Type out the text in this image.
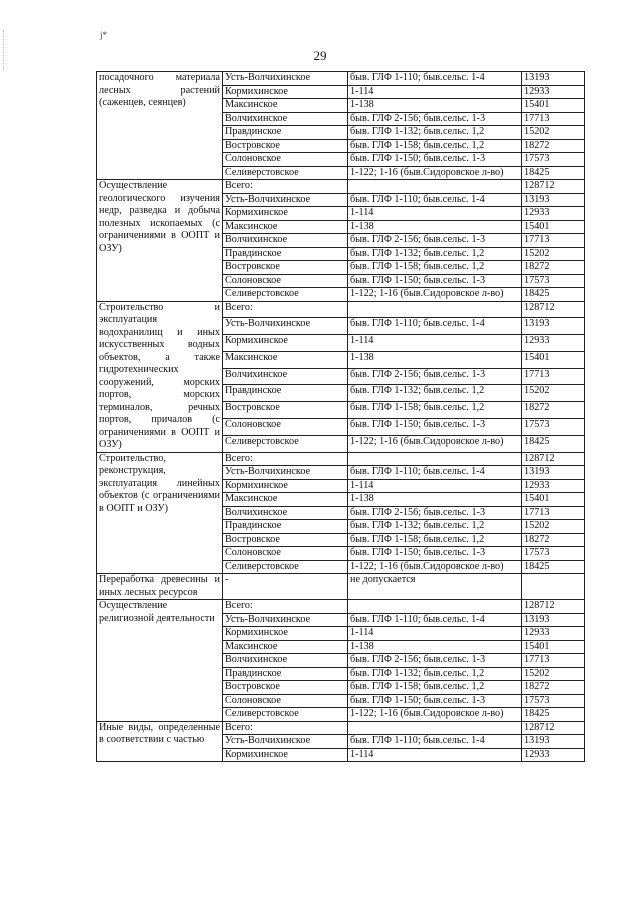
j*
29
посадочного материала лесных растений (саженцев, сеянцев)	Усть-Волчихинское	быв. ГЛФ 1-110; быв.сельс. 1-4	13193
	Кормихинское	1-114	12933
	Максинское	1-138	15401
	Волчихинское	быв. ГЛФ 2-156; быв.сельс. 1-3	17713
	Правдинское	быв. ГЛФ 1-132; быв.сельс. 1,2	15202
	Востровское	быв. ГЛФ 1-158; быв.сельс. 1,2	18272
	Солоновское	быв. ГЛФ 1-150; быв.сельс. 1-3	17573
	Селиверстовское	1-122; 1-16 (быв.Сидоровское л-во)	18425
Осуществление геологического изучения недр, разведка и добыча полезных ископаемых (с ограничениями в ООПТ и ОЗУ)	Всего:		128712
	Усть-Волчихинское	быв. ГЛФ 1-110; быв.сельс. 1-4	13193
	Кормихинское	1-114	12933
	Максинское	1-138	15401
	Волчихинское	быв. ГЛФ 2-156; быв.сельс. 1-3	17713
	Правдинское	быв. ГЛФ 1-132; быв.сельс. 1,2	15202
	Востровское	быв. ГЛФ 1-158; быв.сельс. 1,2	18272
	Солоновское	быв. ГЛФ 1-150; быв.сельс. 1-3	17573
	Селиверстовское	1-122; 1-16 (быв.Сидоровское л-во)	18425
Строительство и эксплуатация водохранилищ и иных искусственных водных объектов, а также гидротехнических сооружений, морских портов, морских терминалов, речных портов, причалов (с ограничениями в ООПТ и ОЗУ)	Всего:		128712
	Усть-Волчихинское	быв. ГЛФ 1-110; быв.сельс. 1-4	13193
	Кормихинское	1-114	12933
	Максинское	1-138	15401
	Волчихинское	быв. ГЛФ 2-156; быв.сельс. 1-3	17713
	Правдинское	быв. ГЛФ 1-132; быв.сельс. 1,2	15202
	Востровское	быв. ГЛФ 1-158; быв.сельс. 1,2	18272
	Солоновское	быв. ГЛФ 1-150; быв.сельс. 1-3	17573
	Селиверстовское	1-122; 1-16 (быв.Сидоровское л-во)	18425
Строительство, реконструкция, эксплуатация линейных объектов (с ограничениями в ООПТ и ОЗУ)	Всего:		128712
	Усть-Волчихинское	быв. ГЛФ 1-110; быв.сельс. 1-4	13193
	Кормихинское	1-114	12933
	Максинское	1-138	15401
	Волчихинское	быв. ГЛФ 2-156; быв.сельс. 1-3	17713
	Правдинское	быв. ГЛФ 1-132; быв.сельс. 1,2	15202
	Востровское	быв. ГЛФ 1-158; быв.сельс. 1,2	18272
	Солоновское	быв. ГЛФ 1-150; быв.сельс. 1-3	17573
	Селиверстовское	1-122; 1-16 (быв.Сидоровское л-во)	18425
Переработка древесины и иных лесных ресурсов	-	не допускается	
Осуществление религиозной деятельности	Всего:		128712
	Усть-Волчихинское	быв. ГЛФ 1-110; быв.сельс. 1-4	13193
	Кормихинское	1-114	12933
	Максинское	1-138	15401
	Волчихинское	быв. ГЛФ 2-156; быв.сельс. 1-3	17713
	Правдинское	быв. ГЛФ 1-132; быв.сельс. 1,2	15202
	Востровское	быв. ГЛФ 1-158; быв.сельс. 1,2	18272
	Солоновское	быв. ГЛФ 1-150; быв.сельс. 1-3	17573
	Селиверстовское	1-122; 1-16 (быв.Сидоровское л-во)	18425
Иные виды, определенные в соответствии с частью	Всего:		128712
	Усть-Волчихинское	быв. ГЛФ 1-110; быв.сельс. 1-4	13193
	Кормихинское	1-114	12933
